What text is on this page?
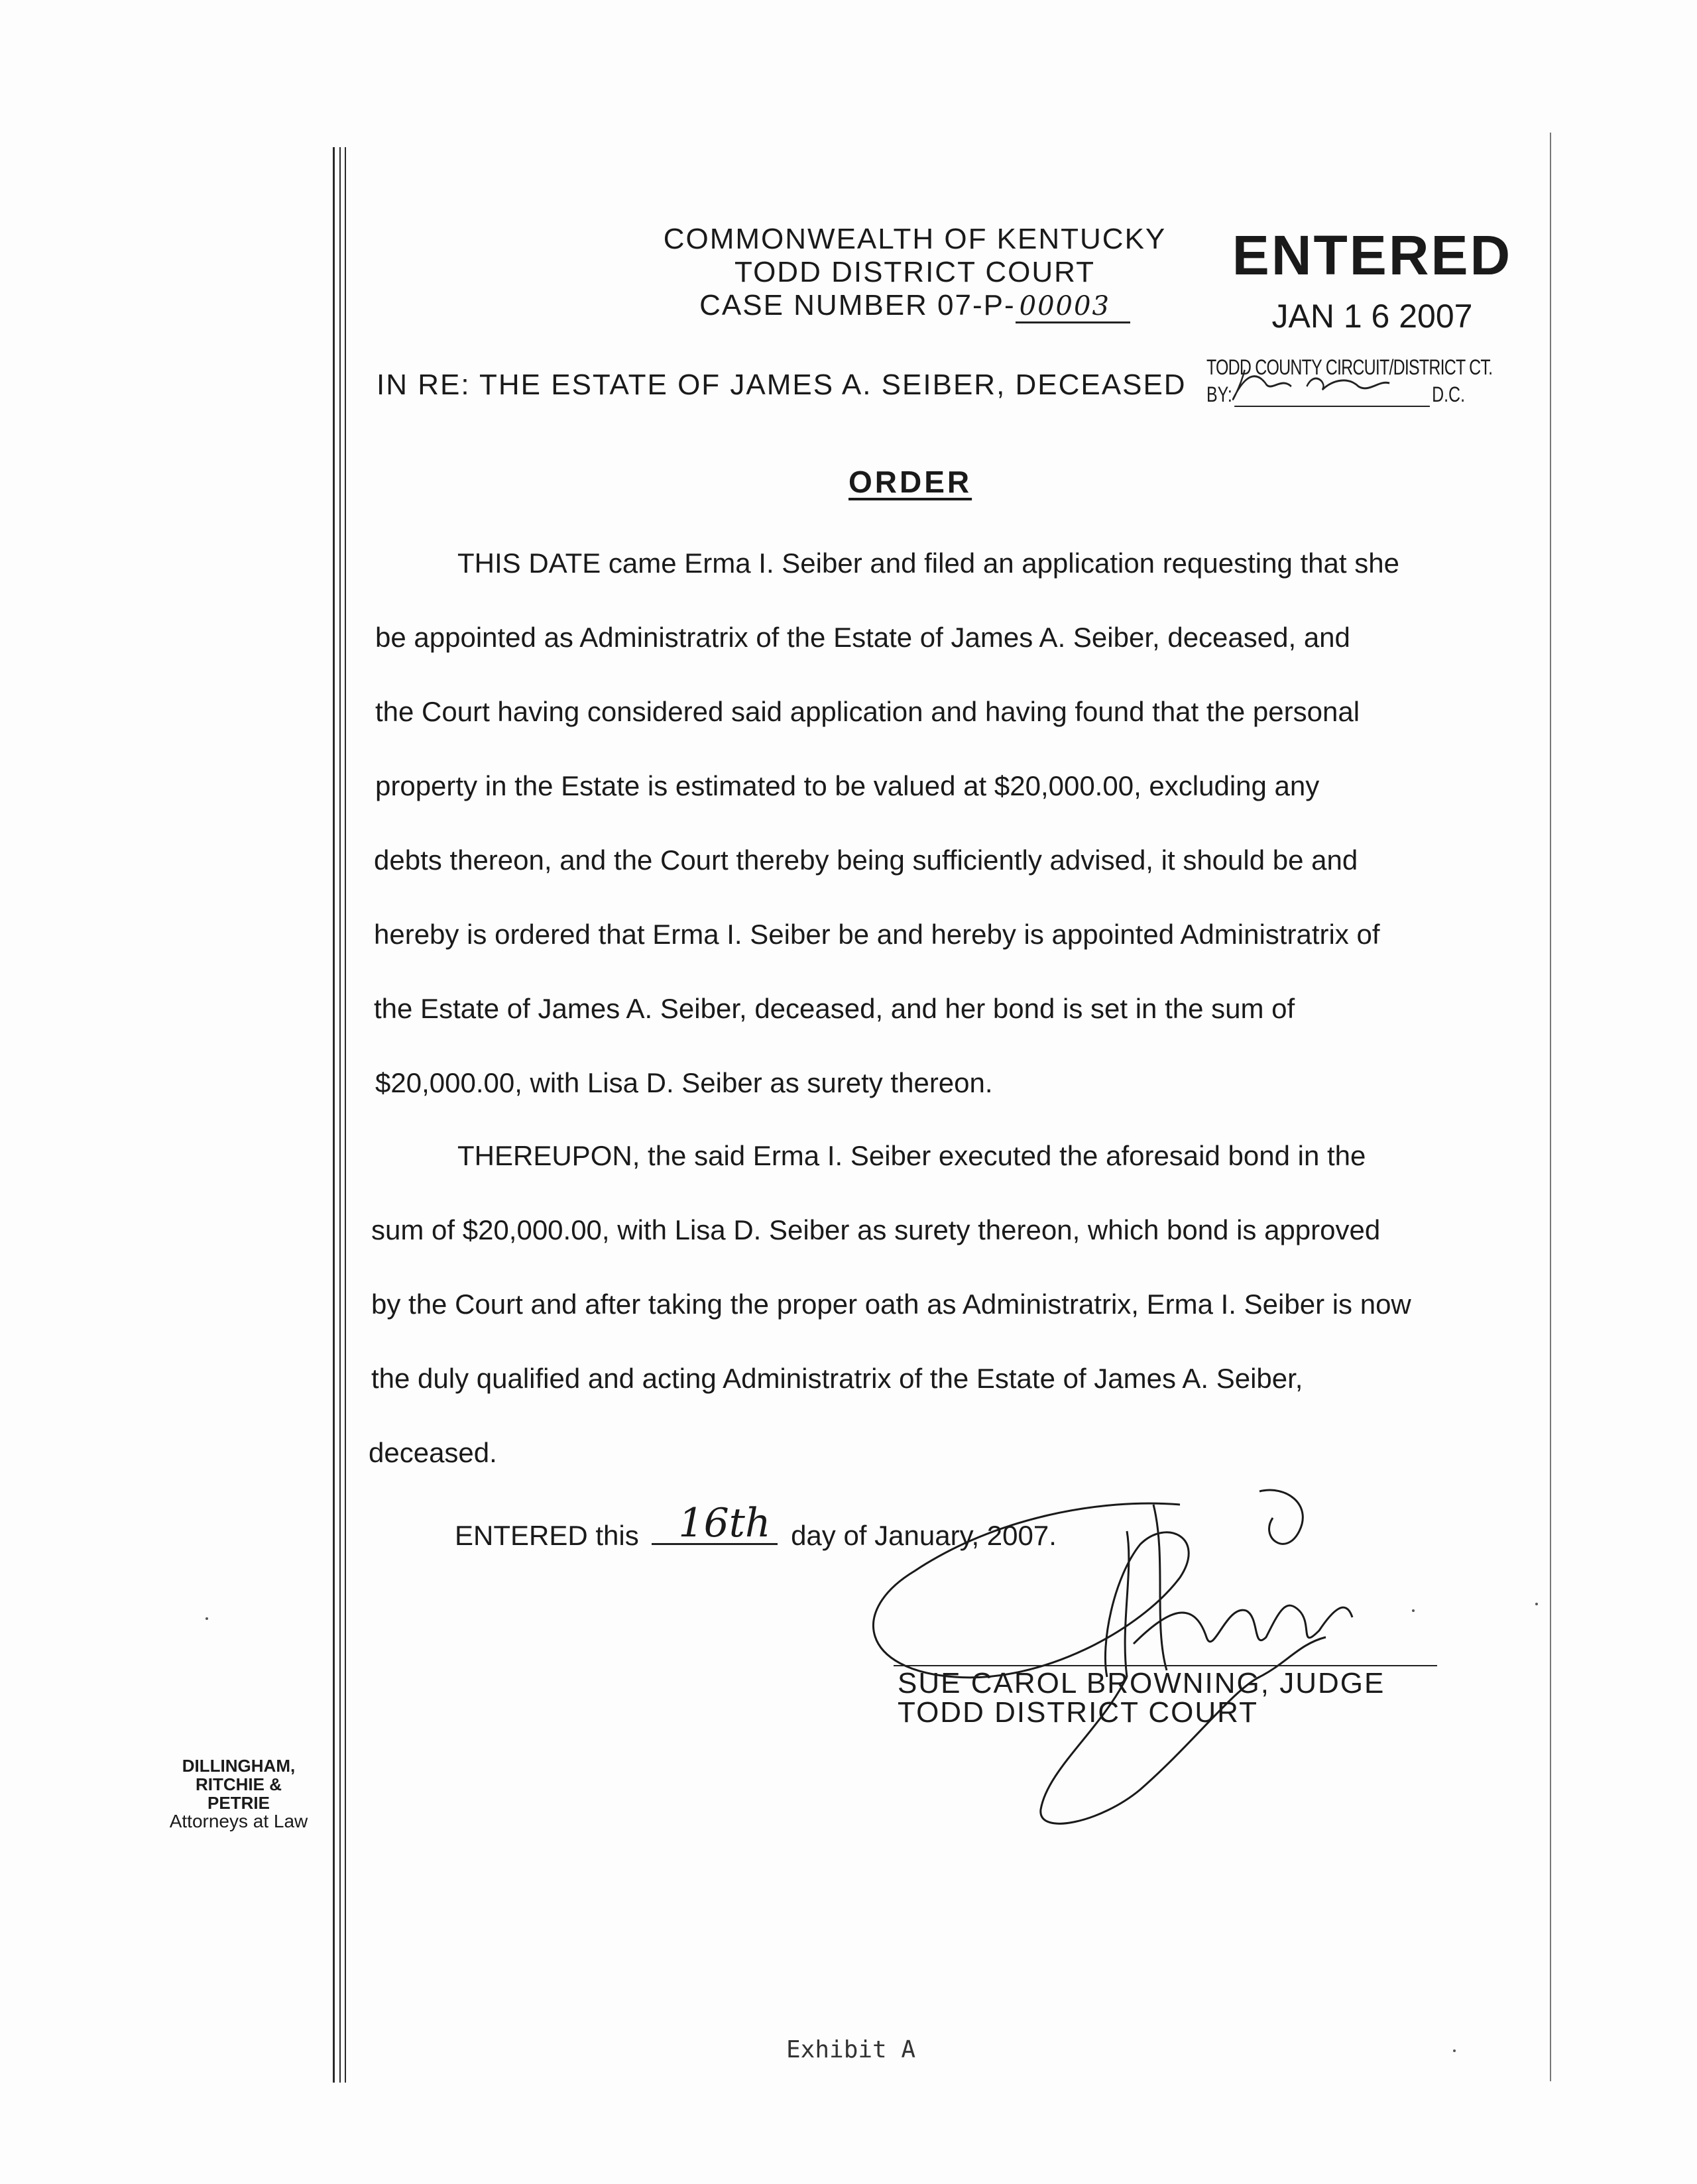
COMMONWEALTH OF KENTUCKY
TODD DISTRICT COURT
CASE NUMBER 07-P- 00003
ENTERED
JAN 1 6 2007
TODD COUNTY CIRCUIT/DISTRICT CT.
BY:	D.C.
IN RE: THE ESTATE OF JAMES A. SEIBER, DECEASED
ORDER
THIS DATE came Erma I. Seiber and filed an application requesting that she
be appointed as Administratrix of the Estate of James A. Seiber, deceased, and
the Court having considered said application and having found that the personal
property in the Estate is estimated to be valued at $20,000.00, excluding any
debts thereon, and the Court thereby being sufficiently advised, it should be and
hereby is ordered that Erma I. Seiber be and hereby is appointed Administratrix of
the Estate of James A. Seiber, deceased, and her bond is set in the sum of
$20,000.00, with Lisa D. Seiber as surety thereon.
THEREUPON, the said Erma I. Seiber executed the aforesaid bond in the
sum of $20,000.00, with Lisa D. Seiber as surety thereon, which bond is approved
by the Court and after taking the proper oath as Administratrix, Erma I. Seiber is now
the duly qualified and acting Administratrix of the Estate of James A. Seiber,
deceased.
ENTERED this 16th day of January, 2007.
SUE CAROL BROWNING, JUDGE
TODD DISTRICT COURT
DILLINGHAM,
RITCHIE &
PETRIE
Attorneys at Law
Exhibit A
